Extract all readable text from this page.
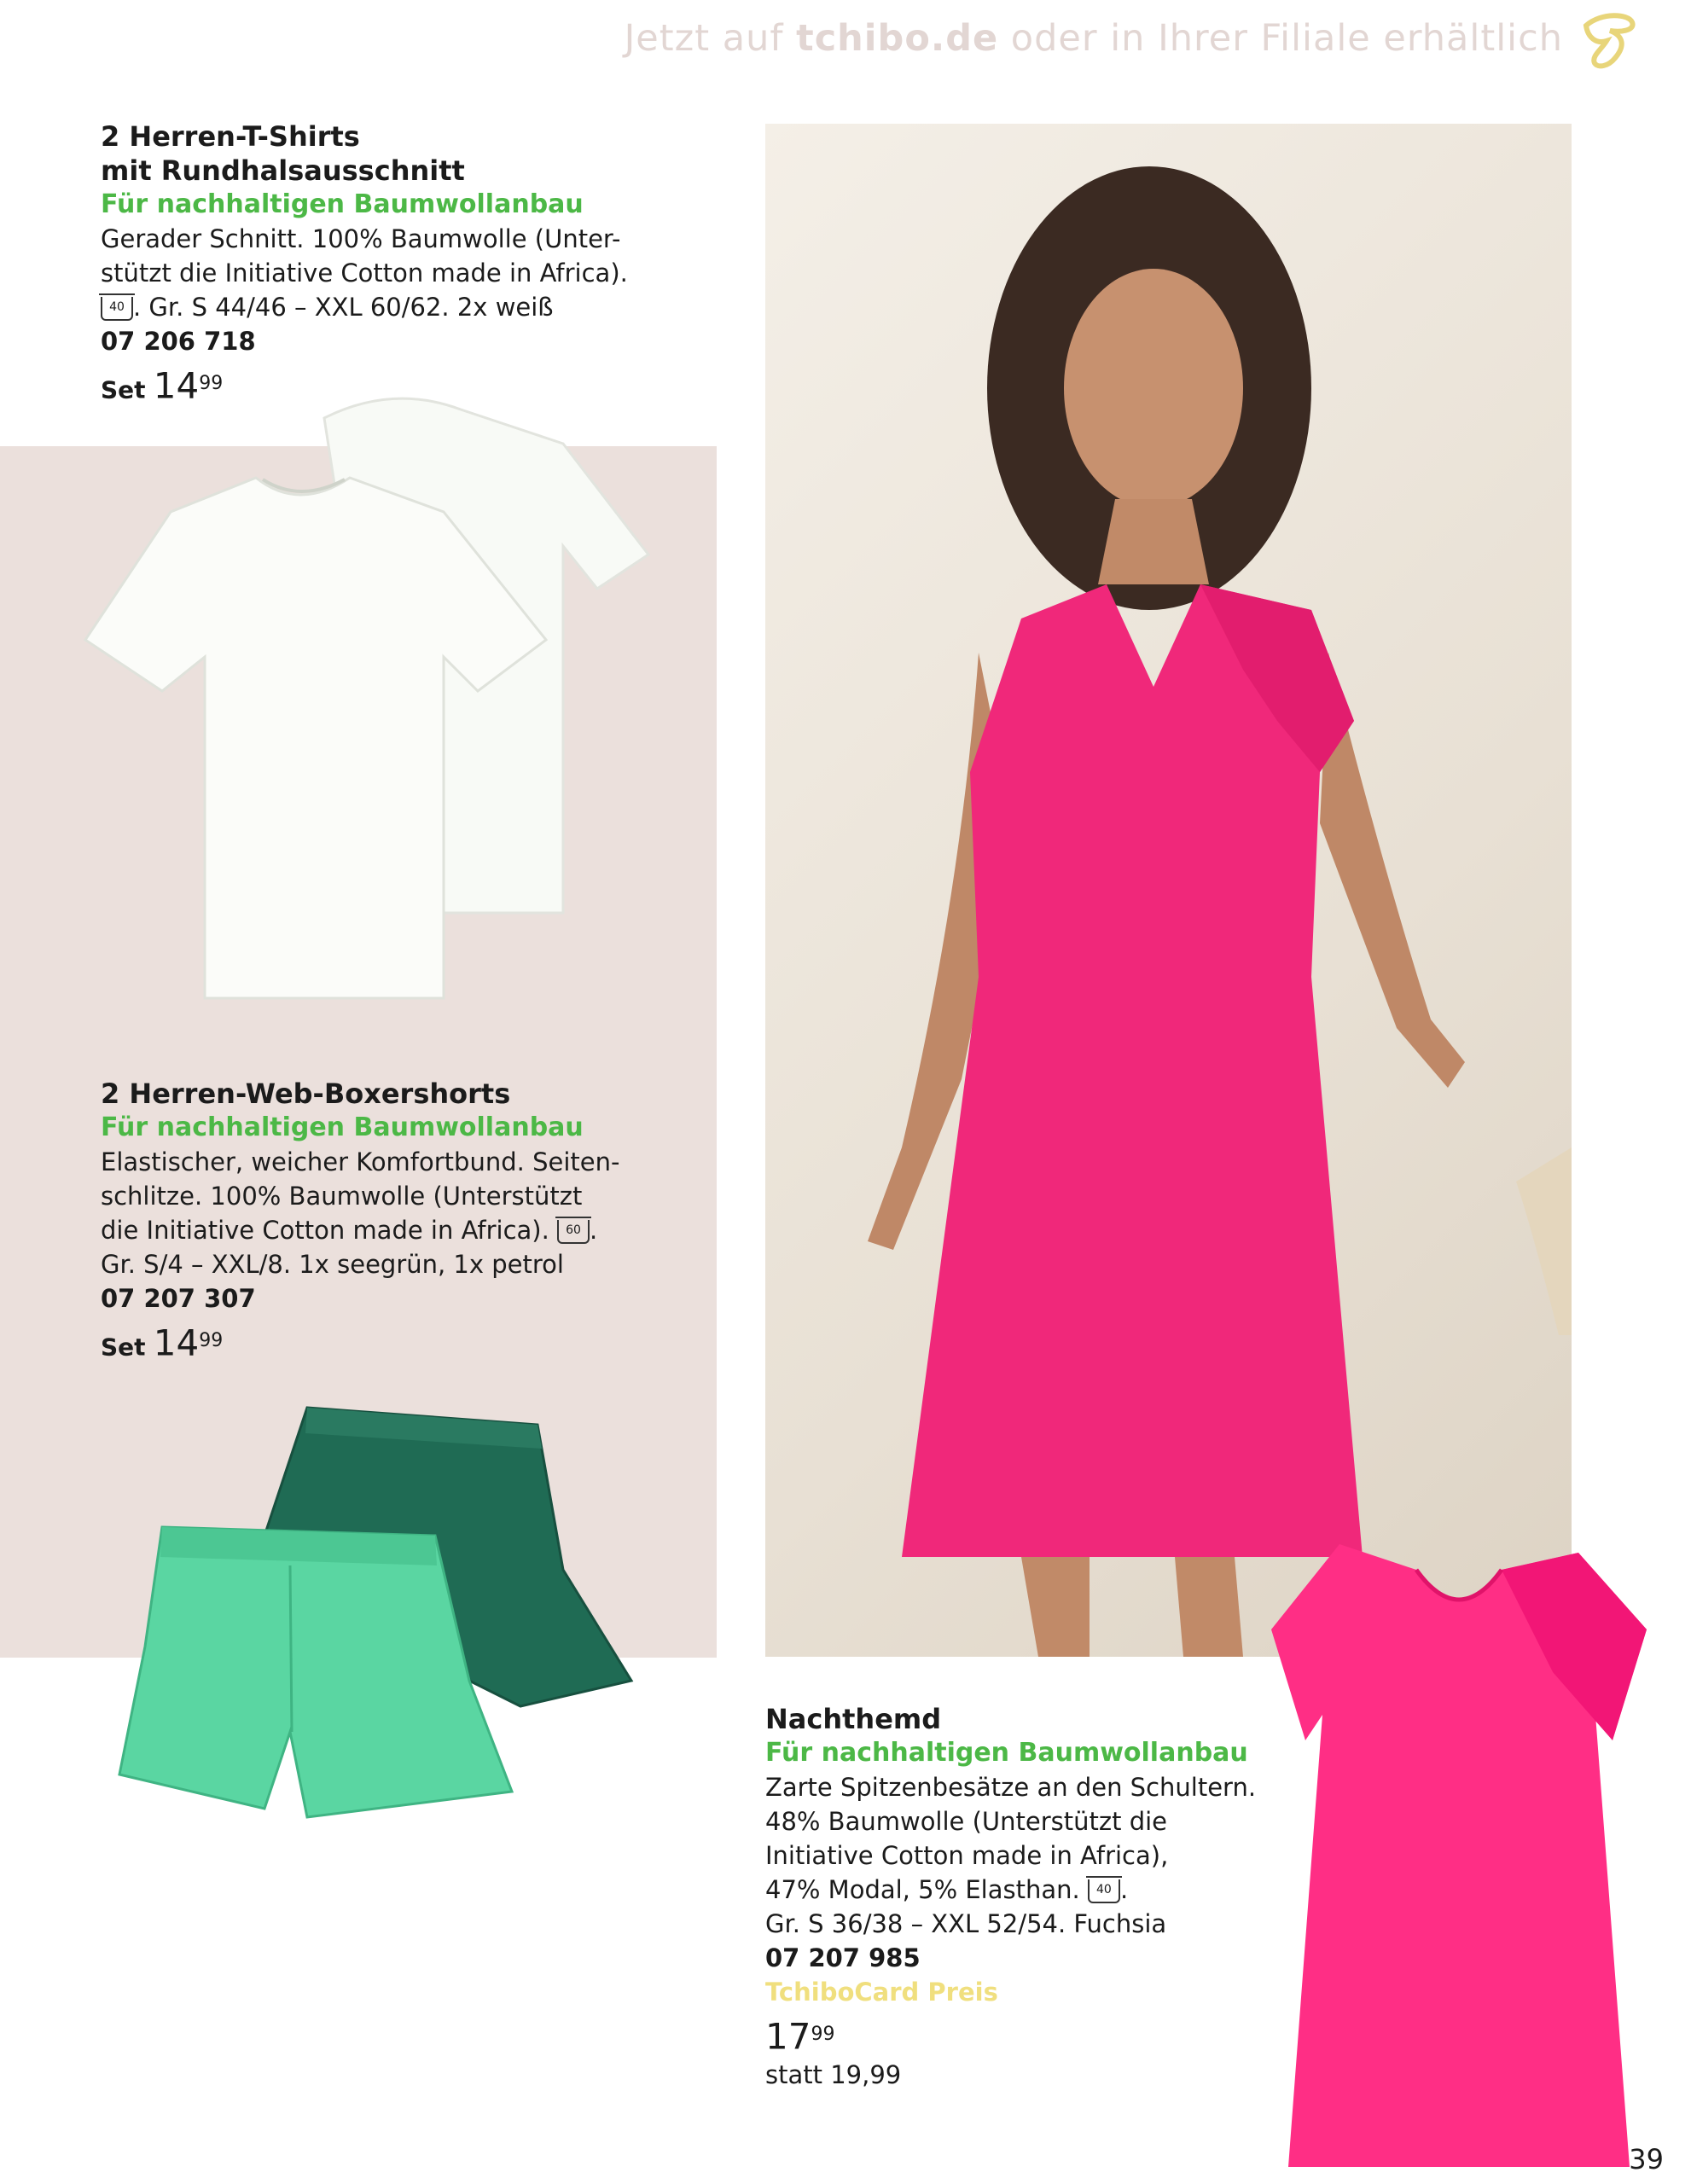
Jetzt auf tchibo.de oder in Ihrer Filiale erhältlich
2 Herren-T-Shirts
mit Rundhalsausschnitt
Für nachhaltigen Baumwollanbau
Gerader Schnitt. 100% Baumwolle (Unter-
stützt die Initiative Cotton made in Africa).
40 . Gr. S 44/46 – XXL 60/62. 2x weiß
07 206 718
Set $14^{99}$
2 Herren-Web-Boxershorts
Für nachhaltigen Baumwollanbau
Elastischer, weicher Komfortbund. Seiten-
schlitze. 100% Baumwolle (Unterstützt
die Initiative Cotton made in Africa). 60 .
Gr. S/4 – XXL/8. 1x seegrün, 1x petrol
07 207 307
Set $14^{99}$
Nachthemd
Für nachhaltigen Baumwollanbau
Zarte Spitzenbesätze an den Schultern.
48% Baumwolle (Unterstützt die
Initiative Cotton made in Africa),
47% Modal, 5% Elasthan. 40 .
Gr. S 36/38 – XXL 52/54. Fuchsia
07 207 985
TchiboCard Preis
$17^{99}$
statt 19,99
39
